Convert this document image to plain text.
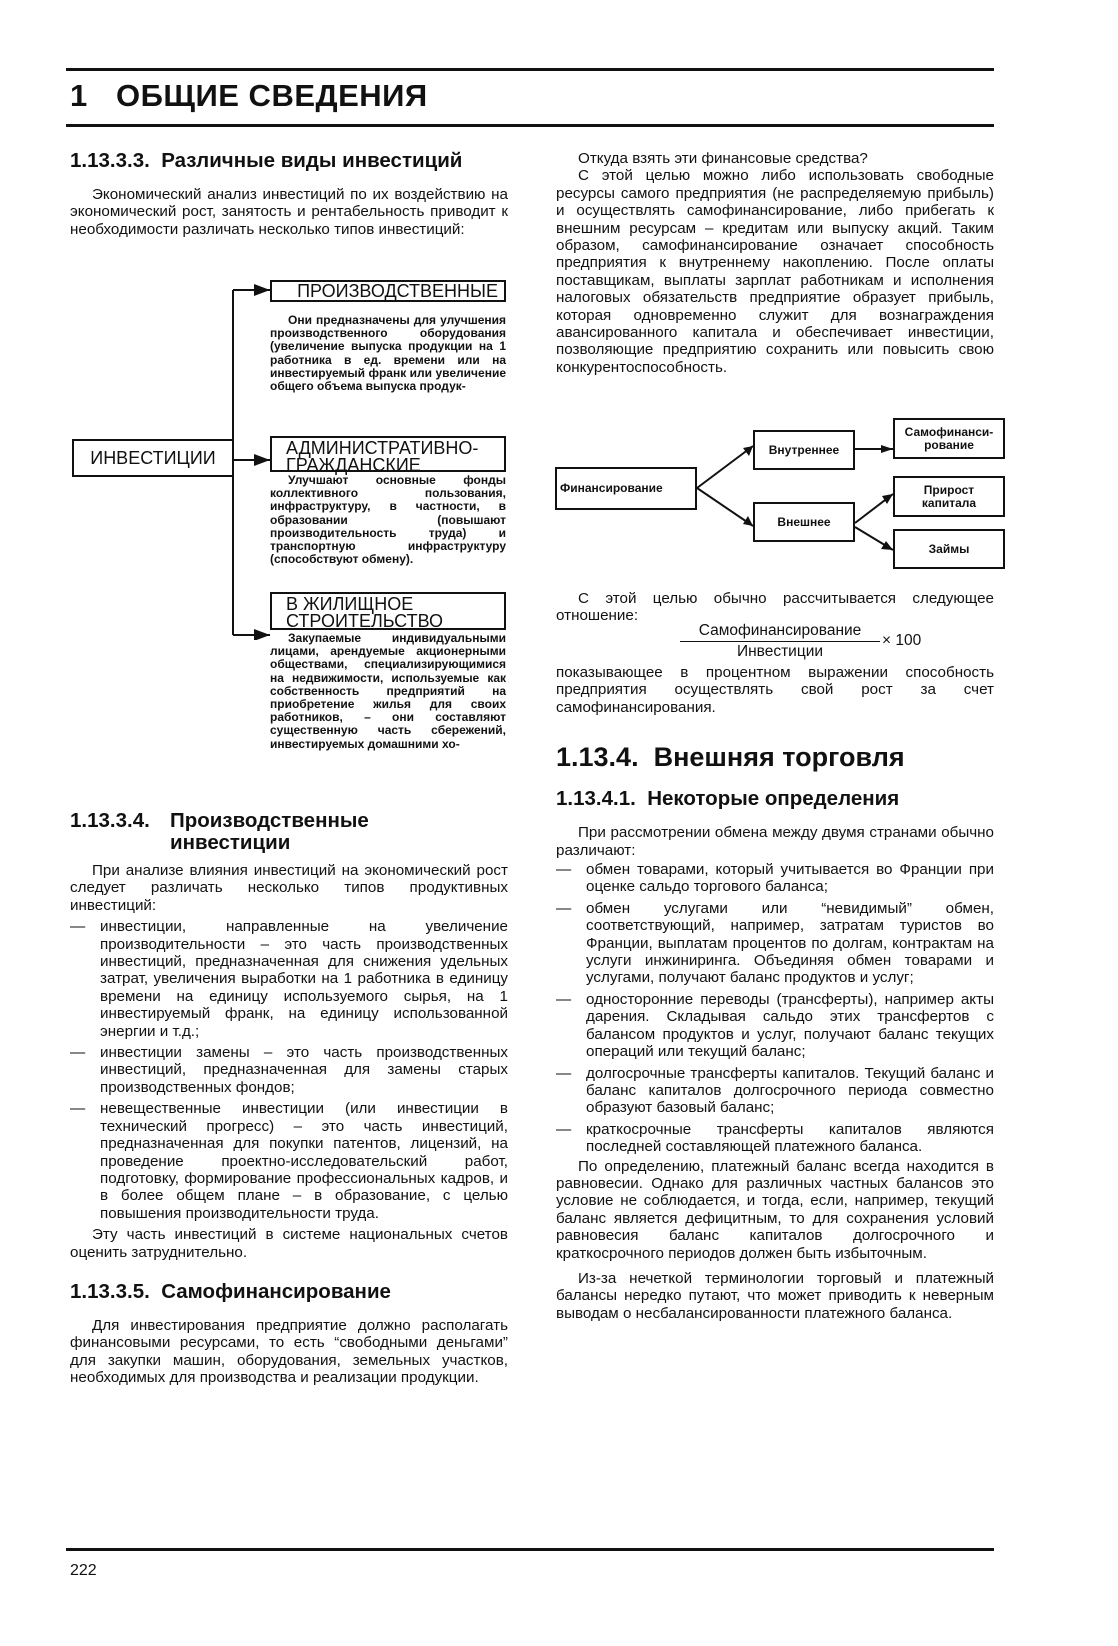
1 ОБЩИЕ СВЕДЕНИЯ
1.13.3.3. Различные виды инвестиций

Экономический анализ инвестиций по их воздействию на экономический рост, занятость и рентабельность приводит к необходимости различать несколько типов инвестиций:

ИНВЕСТИЦИИ
ПРОИЗВОДСТВЕННЫЕ

Они предназначены для улучшения производственного оборудования (увеличение выпуска продукции на 1 работника в ед. времени или на инвестируемый франк или увеличение общего объема выпуска продук-

АДМИНИСТРАТИВНО-ГРАЖДАНСКИЕ

Улучшают основные фонды коллективного пользования, инфраструктуру, в частности, в образовании (повышают производительность труда) и транспортную инфраструктуру (способствуют обмену).

В ЖИЛИЩНОЕ СТРОИТЕЛЬСТВО

Закупаемые индивидуальными лицами, арендуемые акционерными обществами, специализирующимися на недвижимости, используемые как собственность предприятий на приобретение жилья для своих работников, – они составляют существенную часть сбережений, инвестируемых домашними хо-

1.13.3.4. Производственные
инвестиции

При анализе влияния инвестиций на экономический рост следует различать несколько типов продуктивных инвестиций:

— инвестиции, направленные на увеличение производительности – это часть производственных инвестиций, предназначенная для снижения удельных затрат, увеличения выработки на 1 работника в единицу времени на единицу используемого сырья, на 1 инвестируемый франк, на единицу использованной энергии и т.д.;
— инвестиции замены – это часть производственных инвестиций, предназначенная для замены старых производственных фондов;
— невещественные инвестиции (или инвестиции в технический прогресс) – это часть инвестиций, предназначенная для покупки патентов, лицензий, на проведение проектно-исследовательский работ, подготовку, формирование профессиональных кадров, и в более общем плане – в образование, с целью повышения производительности труда.

Эту часть инвестиций в системе национальных счетов оценить затруднительно.

1.13.3.5. Самофинансирование

Для инвестирования предприятие должно располагать финансовыми ресурсами, то есть “свободными деньгами” для закупки машин, оборудования, земельных участков, необходимых для производства и реализации продукции.

Откуда взять эти финансовые средства?

С этой целью можно либо использовать свободные ресурсы самого предприятия (не распределяемую прибыль) и осуществлять самофинансирование, либо прибегать к внешним ресурсам – кредитам или выпуску акций. Таким образом, самофинансирование означает способность предприятия к внутреннему накоплению. После оплаты поставщикам, выплаты зарплат работникам и исполнения налоговых обязательств предприятие образует прибыль, которая одновременно служит для вознаграждения авансированного капитала и обеспечивает инвестиции, позволяющие предприятию сохранить или повысить свою конкурентоспособность.

Финансирование
Внутреннее
Внешнее
Самофинанси-рование
Прирост капитала
Займы

С этой целью обычно рассчитывается следующее отношение:

Самофинансирование
Инвестиции
× 100

показывающее в процентном выражении способность предприятия осуществлять свой рост за счет самофинансирования.

1.13.4. Внешняя торговля
1.13.4.1. Некоторые определения

При рассмотрении обмена между двумя странами обычно различают:

— обмен товарами, который учитывается во Франции при оценке сальдо торгового баланса;
— обмен услугами или “невидимый” обмен, соответствующий, например, затратам туристов во Франции, выплатам процентов по долгам, контрактам на услуги инжиниринга. Объединяя обмен товарами и услугами, получают баланс продуктов и услуг;
— односторонние переводы (трансферты), например акты дарения. Складывая сальдо этих трансфертов с балансом продуктов и услуг, получают баланс текущих операций или текущий баланс;
— долгосрочные трансферты капиталов. Текущий баланс и баланс капиталов долгосрочного периода совместно образуют базовый баланс;
— краткосрочные трансферты капиталов являются последней составляющей платежного баланса.

По определению, платежный баланс всегда находится в равновесии. Однако для различных частных балансов это условие не соблюдается, и тогда, если, например, текущий баланс является дефицитным, то для сохранения условий равновесия баланс капиталов долгосрочного и краткосрочного периодов должен быть избыточным.

Из-за нечеткой терминологии торговый и платежный балансы нередко путают, что может приводить к неверным выводам о несбалансированности платежного баланса.

222
